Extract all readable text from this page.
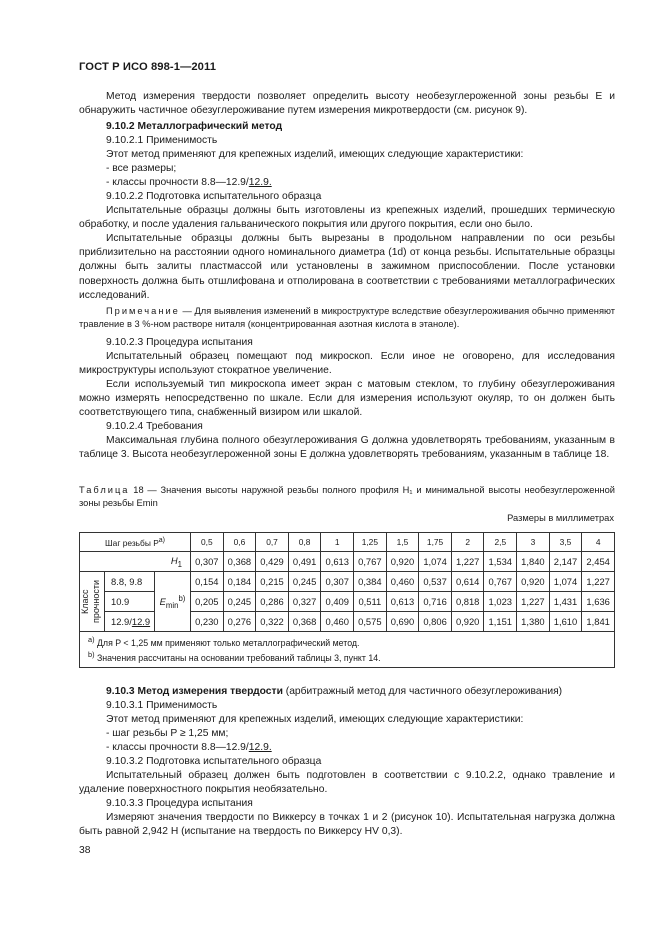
ГОСТ Р ИСО 898-1—2011
Метод измерения твердости позволяет определить высоту необезуглероженной зоны резьбы E и обнаружить частичное обезуглероживание путем измерения микротвердости (см. рисунок 9).
9.10.2 Металлографический метод
9.10.2.1 Применимость
Этот метод применяют для крепежных изделий, имеющих следующие характеристики:
- все размеры;
- классы прочности 8.8—12.9/12.9.
9.10.2.2 Подготовка испытательного образца
Испытательные образцы должны быть изготовлены из крепежных изделий, прошедших термическую обработку, и после удаления гальванического покрытия или другого покрытия, если оно было.
Испытательные образцы должны быть вырезаны в продольном направлении по оси резьбы приблизительно на расстоянии одного номинального диаметра (1d) от конца резьбы. Испытательные образцы должны быть залиты пластмассой или установлены в зажимном приспособлении. После установки поверхность должна быть отшлифована и отполирована в соответствии с требованиями металлографических исследований.
Примечание — Для выявления изменений в микроструктуре вследствие обезуглероживания обычно применяют травление в 3 %-ном растворе ниталя (концентрированная азотная кислота в этаноле).
9.10.2.3 Процедура испытания
Испытательный образец помещают под микроскоп. Если иное не оговорено, для исследования микроструктуры используют стократное увеличение.
Если используемый тип микроскопа имеет экран с матовым стеклом, то глубину обезуглероживания можно измерять непосредственно по шкале. Если для измерения используют окуляр, то он должен быть соответствующего типа, снабженный визиром или шкалой.
9.10.2.4 Требования
Максимальная глубина полного обезуглероживания G должна удовлетворять требованиям, указанным в таблице 3. Высота необезуглероженной зоны E должна удовлетворять требованиям, указанным в таблице 18.
Таблица 18 — Значения высоты наружной резьбы полного профиля H₁ и минимальной высоты необезуглероженной зоны резьбы Emin
Размеры в миллиметрах
Шаг резьбы $P^{a)}$			0,5	0,6	0,7	0,8	1	1,25	1,5	1,75	2	2,5	3	3,5	4
$H_1$			0,307	0,368	0,429	0,491	0,613	0,767	0,920	1,074	1,227	1,534	1,840	2,147	2,454

Класс
прочности	8.8, 9.8	$E_{min}^{b)}$	0,154	0,184	0,215	0,245	0,307	0,384	0,460	0,537	0,614	0,767	0,920	1,074	1,227
	10.9		0,205	0,245	0,286	0,327	0,409	0,511	0,613	0,716	0,818	1,023	1,227	1,431	1,636
	12.9/12.9		0,230	0,276	0,322	0,368	0,460	0,575	0,690	0,806	0,920	1,151	1,380	1,610	1,841

$^{a)}$ Для P < 1,25 мм применяют только металлографический метод.
$^{b)}$ Значения рассчитаны на основании требований таблицы 3, пункт 14.															
9.10.3 Метод измерения твердости (арбитражный метод для частичного обезуглероживания)
9.10.3.1 Применимость
Этот метод применяют для крепежных изделий, имеющих следующие характеристики:
- шаг резьбы P ≥ 1,25 мм;
- классы прочности 8.8—12.9/12.9.
9.10.3.2 Подготовка испытательного образца
Испытательный образец должен быть подготовлен в соответствии с 9.10.2.2, однако травление и удаление поверхностного покрытия необязательно.
9.10.3.3 Процедура испытания
Измеряют значения твердости по Виккерсу в точках 1 и 2 (рисунок 10). Испытательная нагрузка должна быть равной 2,942 Н (испытание на твердость по Виккерсу HV 0,3).
38
